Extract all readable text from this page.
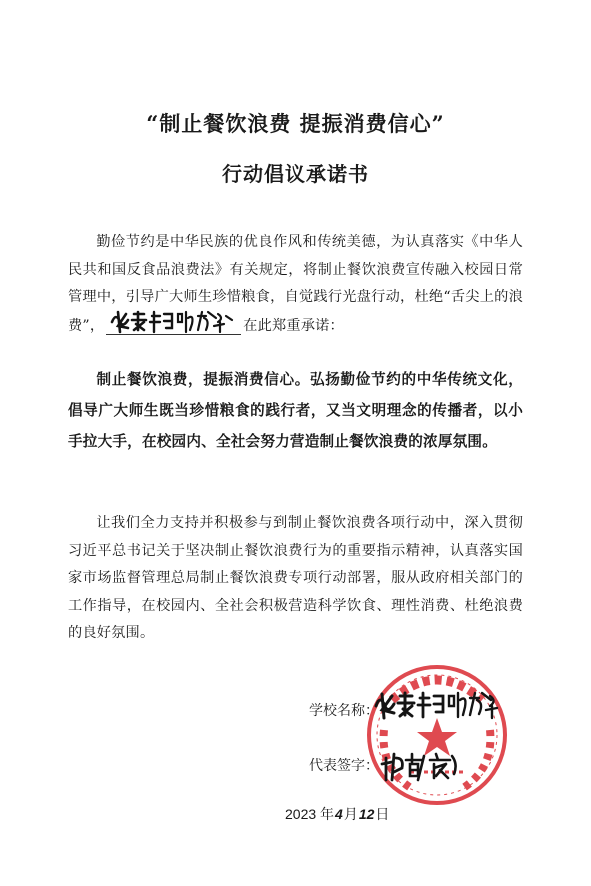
“制止餐饮浪费 提振消费信心”
行动倡议承诺书
勤俭节约是中华民族的优良作风和传统美德，为认真落实《中华人民共和国反食品浪费法》有关规定，将制止餐饮浪费宣传融入校园日常管理中，引导广大师生珍惜粮食，自觉践行光盘行动，杜绝“舌尖上的浪费”，	在此郑重承诺：
制止餐饮浪费，提振消费信心。弘扬勤俭节约的中华传统文化，倡导广大师生既当珍惜粮食的践行者，又当文明理念的传播者，以小手拉大手，在校园内、全社会努力营造制止餐饮浪费的浓厚氛围。
让我们全力支持并积极参与到制止餐饮浪费各项行动中，深入贯彻习近平总书记关于坚决制止餐饮浪费行为的重要指示精神，认真落实国家市场监督管理总局制止餐饮浪费专项行动部署，服从政府相关部门的工作指导，在校园内、全社会积极营造科学饮食、理性消费、杜绝浪费的良好氛围。
学校名称：
代表签字：
2023 年4月12日
